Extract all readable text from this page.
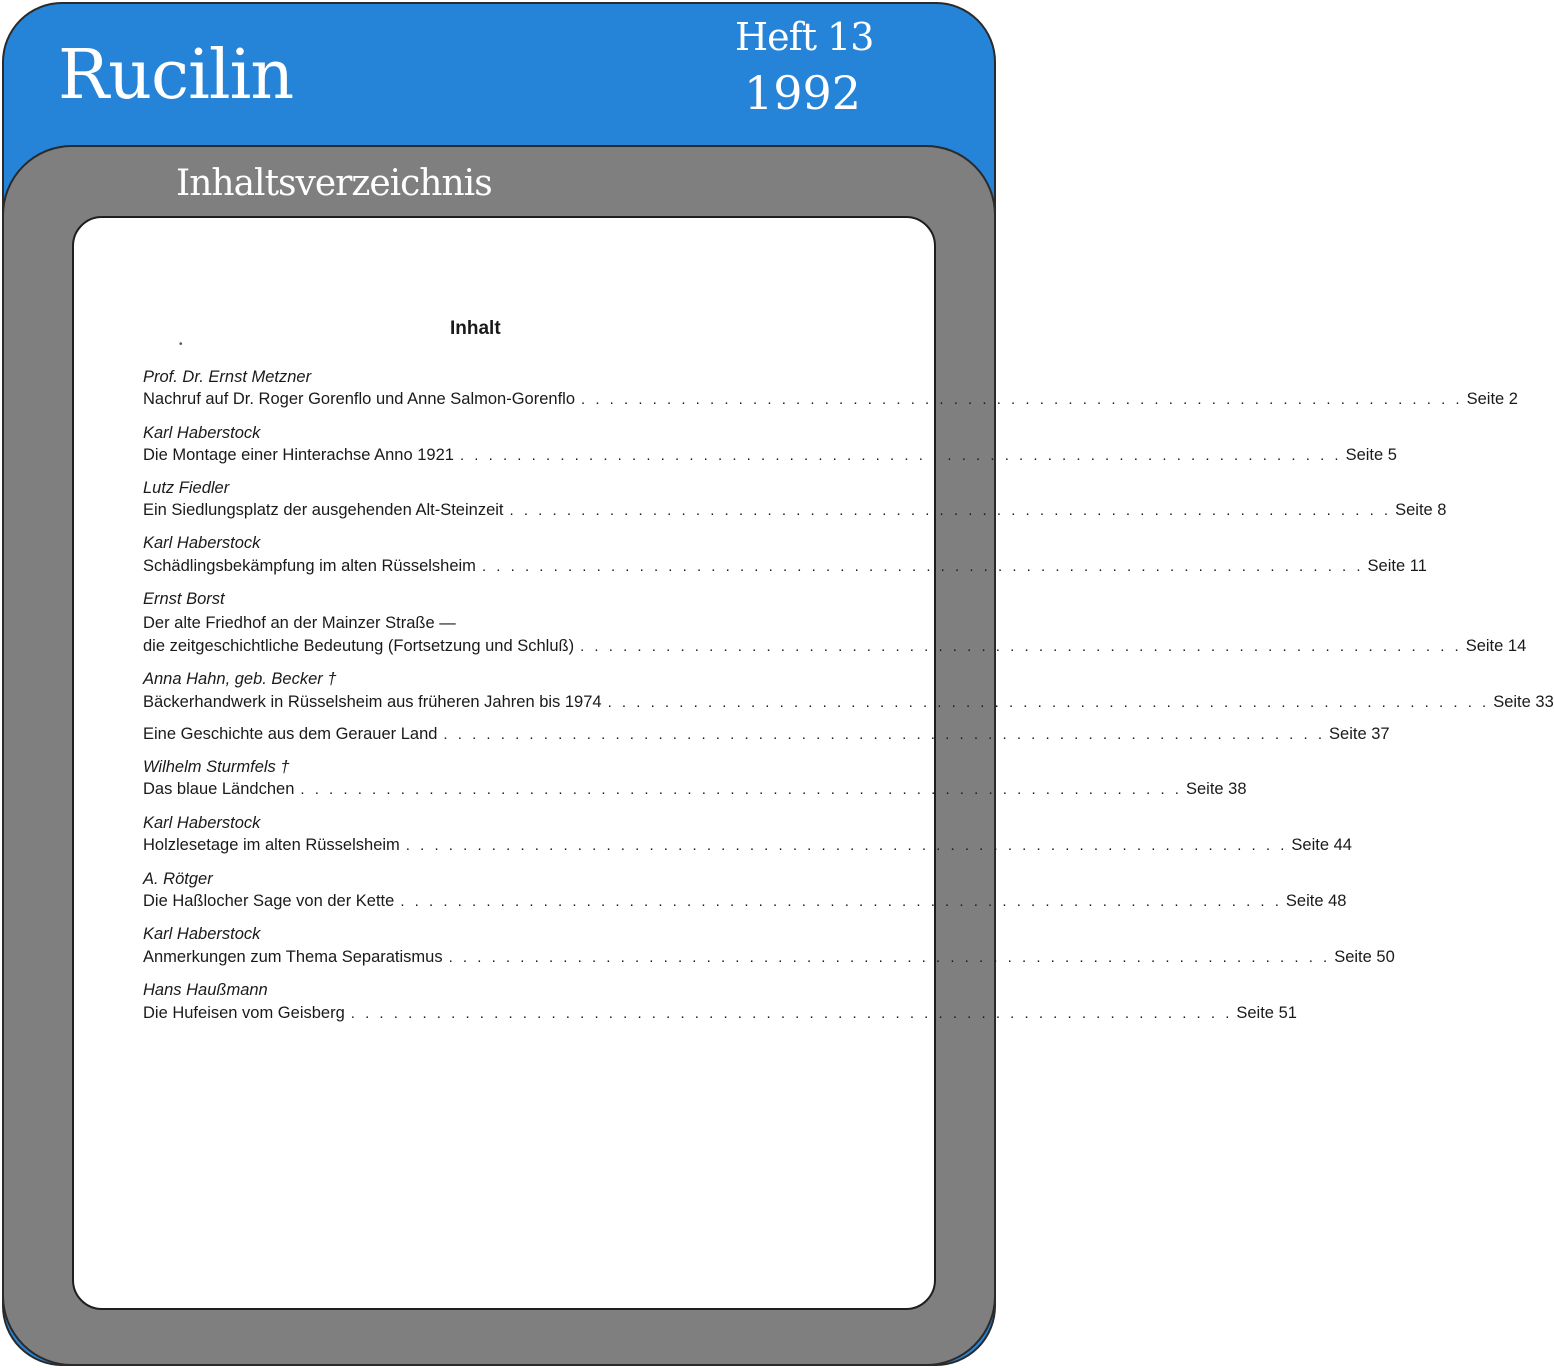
Rucilin	Heft 13
1992
Inhaltsverzeichnis
Inhalt
•
Prof. Dr. Ernst Metzner
Nachruf auf Dr. Roger Gorenflo und Anne Salmon-Gorenflo . . . . . . . . . . . . . . . . . . . . . . . . . . . . . . . . . . . . . . . . . . . . . . . . . . . . . . . . . . . . . . Seite 2
Karl Haberstock
Die Montage einer Hinterachse Anno 1921 . . . . . . . . . . . . . . . . . . . . . . . . . . . . . . . . . . . . . . . . . . . . . . . . . . . . . . . . . . . . . . Seite 5
Lutz Fiedler
Ein Siedlungsplatz der ausgehenden Alt-Steinzeit . . . . . . . . . . . . . . . . . . . . . . . . . . . . . . . . . . . . . . . . . . . . . . . . . . . . . . . . . . . . . . Seite 8
Karl Haberstock
Schädlingsbekämpfung im alten Rüsselsheim . . . . . . . . . . . . . . . . . . . . . . . . . . . . . . . . . . . . . . . . . . . . . . . . . . . . . . . . . . . . . . Seite 11
Ernst Borst
Der alte Friedhof an der Mainzer Straße —
die zeitgeschichtliche Bedeutung (Fortsetzung und Schluß) . . . . . . . . . . . . . . . . . . . . . . . . . . . . . . . . . . . . . . . . . . . . . . . . . . . . . . . . . . . . . . Seite 14
Anna Hahn, geb. Becker †
Bäckerhandwerk in Rüsselsheim aus früheren Jahren bis 1974 . . . . . . . . . . . . . . . . . . . . . . . . . . . . . . . . . . . . . . . . . . . . . . . . . . . . . . . . . . . . . . Seite 33
Eine Geschichte aus dem Gerauer Land . . . . . . . . . . . . . . . . . . . . . . . . . . . . . . . . . . . . . . . . . . . . . . . . . . . . . . . . . . . . . . Seite 37
Wilhelm Sturmfels †
Das blaue Ländchen . . . . . . . . . . . . . . . . . . . . . . . . . . . . . . . . . . . . . . . . . . . . . . . . . . . . . . . . . . . . . . Seite 38
Karl Haberstock
Holzlesetage im alten Rüsselsheim . . . . . . . . . . . . . . . . . . . . . . . . . . . . . . . . . . . . . . . . . . . . . . . . . . . . . . . . . . . . . . Seite 44
A. Rötger
Die Haßlocher Sage von der Kette . . . . . . . . . . . . . . . . . . . . . . . . . . . . . . . . . . . . . . . . . . . . . . . . . . . . . . . . . . . . . . Seite 48
Karl Haberstock
Anmerkungen zum Thema Separatismus . . . . . . . . . . . . . . . . . . . . . . . . . . . . . . . . . . . . . . . . . . . . . . . . . . . . . . . . . . . . . . Seite 50
Hans Haußmann
Die Hufeisen vom Geisberg . . . . . . . . . . . . . . . . . . . . . . . . . . . . . . . . . . . . . . . . . . . . . . . . . . . . . . . . . . . . . . Seite 51
